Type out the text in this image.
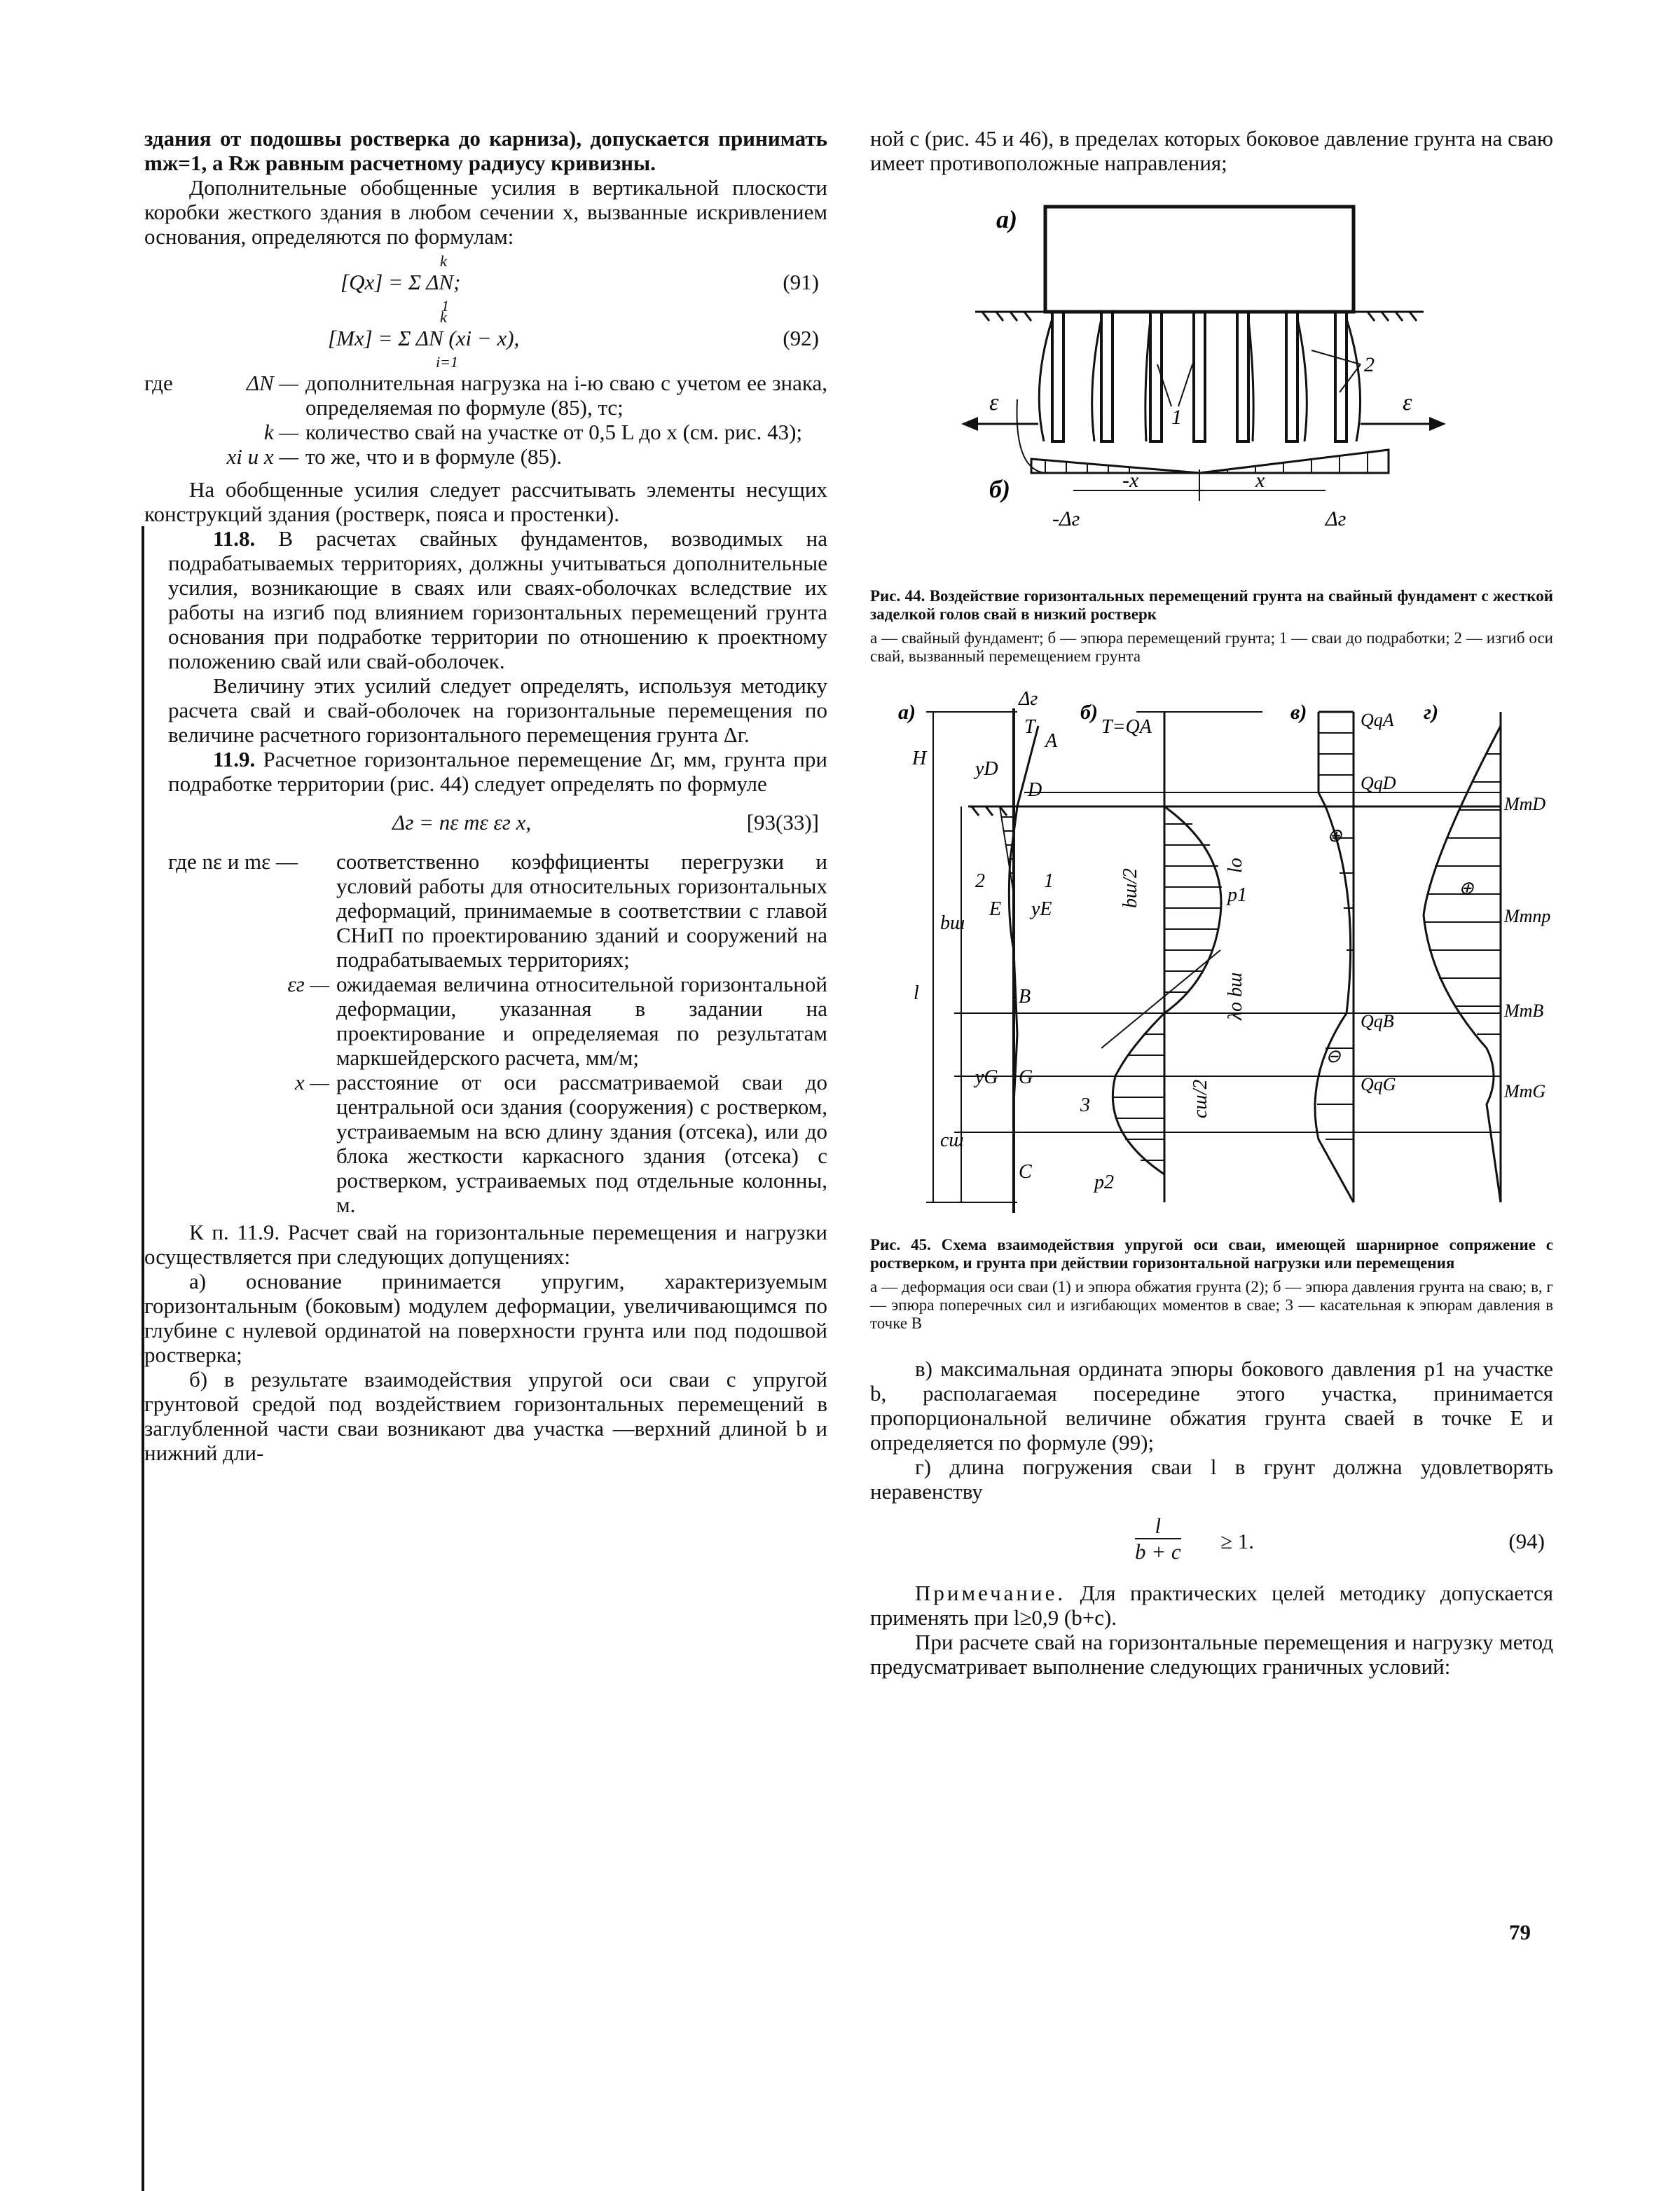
здания от подошвы ростверка до карниза), допускается принимать mж=1, а Rж равным расчетному радиусу кривизны.

Дополнительные обобщенные усилия в вертикальной плоскости коробки жесткого здания в любом сечении x, вызванные искривлением основания, определяются по формулам:

k
[Qx] = Σ ΔN;
1
(91)
k
[Mx] = Σ ΔN (xi − x),
i=1
(92)
где	ΔN — дополнительная нагрузка на i-ю сваю с учетом ее знака, определяемая по формуле (85), тс;
k — количество свай на участке от 0,5 L до x (см. рис. 43);
xi и x — то же, что и в формуле (85).

На обобщенные усилия следует рассчитывать элементы несущих конструкций здания (ростверк, пояса и простенки).

11.8. В расчетах свайных фундаментов, возводимых на подрабатываемых территориях, должны учитываться дополнительные усилия, возникающие в сваях или сваях-оболочках вследствие их работы на изгиб под влиянием горизонтальных перемещений грунта основания при подработке территории по отношению к проектному положению свай или свай-оболочек.

Величину этих усилий следует определять, используя методику расчета свай и свай-оболочек на горизонтальные перемещения по величине расчетного горизонтального перемещения грунта Δг.

11.9. Расчетное горизонтальное перемещение Δг, мм, грунта при подработке территории (рис. 44) следует определять по формуле

Δг = nε mε εг x,	[93(33)]
где nε и mε —	соответственно коэффициенты перегрузки и условий работы для относительных горизонтальных деформаций, принимаемые в соответствии с главой СНиП по проектированию зданий и сооружений на подрабатываемых территориях;
εг — ожидаемая величина относительной горизонтальной деформации, указанная в задании на проектирование и определяемая по результатам маркшейдерского расчета, мм/м;
x — расстояние от оси рассматриваемой сваи до центральной оси здания (сооружения) с ростверком, устраиваемым на всю длину здания (отсека), или до блока жесткости каркасного здания (отсека) с ростверком, устраиваемых под отдельные колонны, м.

К п. 11.9. Расчет свай на горизонтальные перемещения и нагрузки осуществляется при следующих допущениях:

а) основание принимается упругим, характеризуемым горизонтальным (боковым) модулем деформации, увеличивающимся по глубине с нулевой ординатой на поверхности грунта или под подошвой ростверка;

б) в результате взаимодействия упругой оси сваи с упругой грунтовой средой под воздействием горизонтальных перемещений в заглубленной части сваи возникают два участка —верхний длиной b и нижний дли-

ной c (рис. 45 и 46), в пределах которых боковое давление грунта на сваю имеет противоположные направления;

1
2
а)
ε	ε
б)	-x	x
-Δг	Δг
Рис. 44. Воздействие горизонтальных перемещений грунта на свайный фундамент с жесткой заделкой голов свай в низкий ростверк
а — свайный фундамент; б — эпюра перемещений грунта; 1 — сваи до подработки; 2 — изгиб оси свай, вызванный перемещением грунта
а)	б)	в)	г)
H
bш
l
cш
Δг
T	T=QA
A
yD
D
2	1
E yE
B
yG G
C
bш/2
cш/2
lо
λо bш
p1
3
p2
QqA
QqD
QqB
QqG
⊕
⊖
MmD
Mmпр
MmB
MmG
⊕
Рис. 45. Схема взаимодействия упругой оси сваи, имеющей шарнирное сопряжение с ростверком, и грунта при действии горизонтальной нагрузки или перемещения
а — деформация оси сваи (1) и эпюра обжатия грунта (2); б — эпюра давления грунта на сваю; в, г — эпюра поперечных сил и изгибающих моментов в свае; 3 — касательная к эпюрам давления в точке B

в) максимальная ордината эпюры бокового давления p1 на участке b, располагаемая посередине этого участка, принимается пропорциональной величине обжатия грунта сваей в точке E и определяется по формуле (99);

г) длина погружения сваи l в грунт должна удовлетворять неравенству

$\frac{l}{b + c} \ge 1$.	(94)

Примечание. Для практических целей методику допускается применять при l≥0,9 (b+c).

При расчете свай на горизонтальные перемещения и нагрузку метод предусматривает выполнение следующих граничных условий:

79
